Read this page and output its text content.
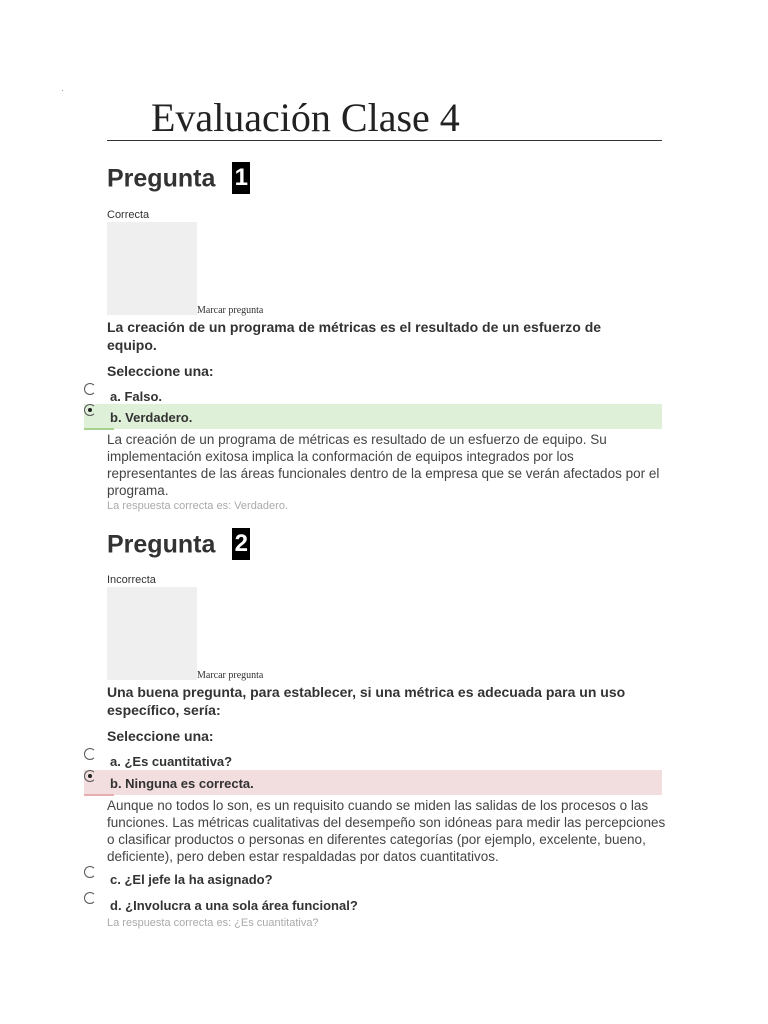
Evaluación Clase 4
Pregunta 1
Correcta
Marcar pregunta
La creación de un programa de métricas es el resultado de un esfuerzo de equipo.
Seleccione una:
a. Falso.
b. Verdadero.
La creación de un programa de métricas es resultado de un esfuerzo de equipo. Su implementación exitosa implica la conformación de equipos integrados por los representantes de las áreas funcionales dentro de la empresa que se verán afectados por el programa.
La respuesta correcta es: Verdadero.
Pregunta 2
Incorrecta
Marcar pregunta
Una buena pregunta, para establecer, si una métrica es adecuada para un uso específico, sería:
Seleccione una:
a. ¿Es cuantitativa?
b. Ninguna es correcta.
Aunque no todos lo son, es un requisito cuando se miden las salidas de los procesos o las funciones. Las métricas cualitativas del desempeño son idóneas para medir las percepciones o clasificar productos o personas en diferentes categorías (por ejemplo, excelente, bueno, deficiente), pero deben estar respaldadas por datos cuantitativos.
c. ¿El jefe la ha asignado?
d. ¿Involucra a una sola área funcional?
La respuesta correcta es: ¿Es cuantitativa?
